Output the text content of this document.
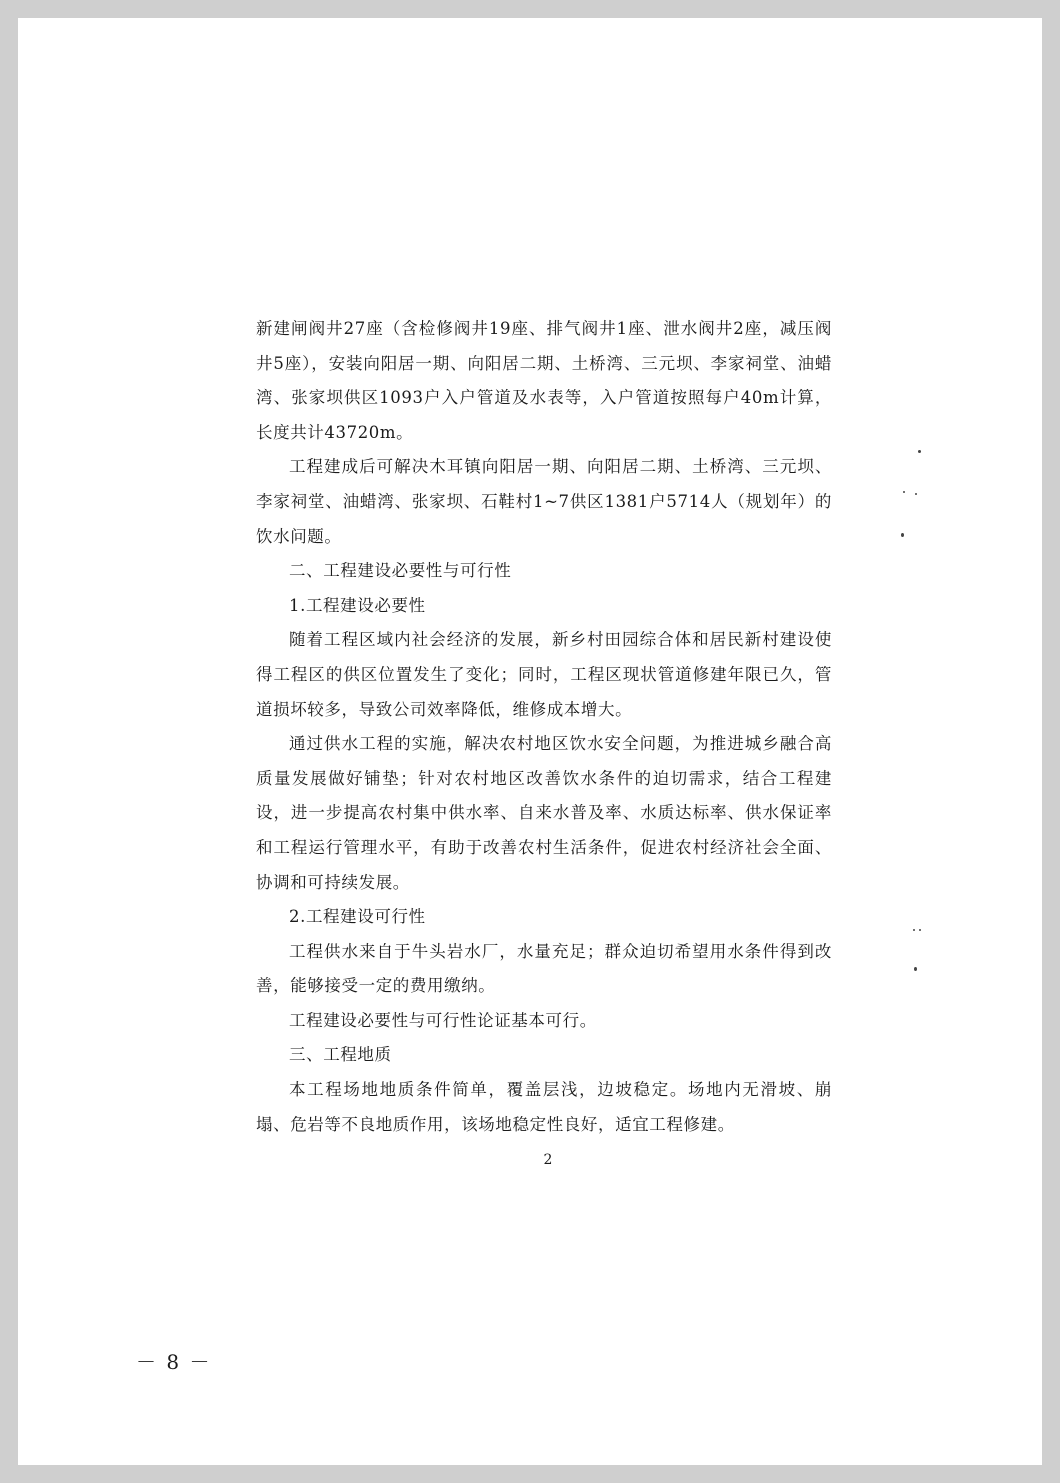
新建闸阀井27座（含检修阀井19座、排气阀井1座、泄水阀井2座，减压阀井5座），安装向阳居一期、向阳居二期、土桥湾、三元坝、李家祠堂、油蜡湾、张家坝供区1093户入户管道及水表等，入户管道按照每户40m计算，长度共计43720m。

工程建成后可解决木耳镇向阳居一期、向阳居二期、土桥湾、三元坝、李家祠堂、油蜡湾、张家坝、石鞋村1~7供区1381户5714人（规划年）的饮水问题。

二、工程建设必要性与可行性

1.工程建设必要性

随着工程区域内社会经济的发展，新乡村田园综合体和居民新村建设使得工程区的供区位置发生了变化；同时，工程区现状管道修建年限已久，管道损坏较多，导致公司效率降低，维修成本增大。

通过供水工程的实施，解决农村地区饮水安全问题，为推进城乡融合高质量发展做好铺垫；针对农村地区改善饮水条件的迫切需求，结合工程建设，进一步提高农村集中供水率、自来水普及率、水质达标率、供水保证率和工程运行管理水平，有助于改善农村生活条件，促进农村经济社会全面、协调和可持续发展。

2.工程建设可行性

工程供水来自于牛头岩水厂，水量充足；群众迫切希望用水条件得到改善，能够接受一定的费用缴纳。

工程建设必要性与可行性论证基本可行。

三、工程地质

本工程场地地质条件简单，覆盖层浅，边坡稳定。场地内无滑坡、崩塌、危岩等不良地质作用，该场地稳定性良好，适宜工程修建。

2
－ 8 －
